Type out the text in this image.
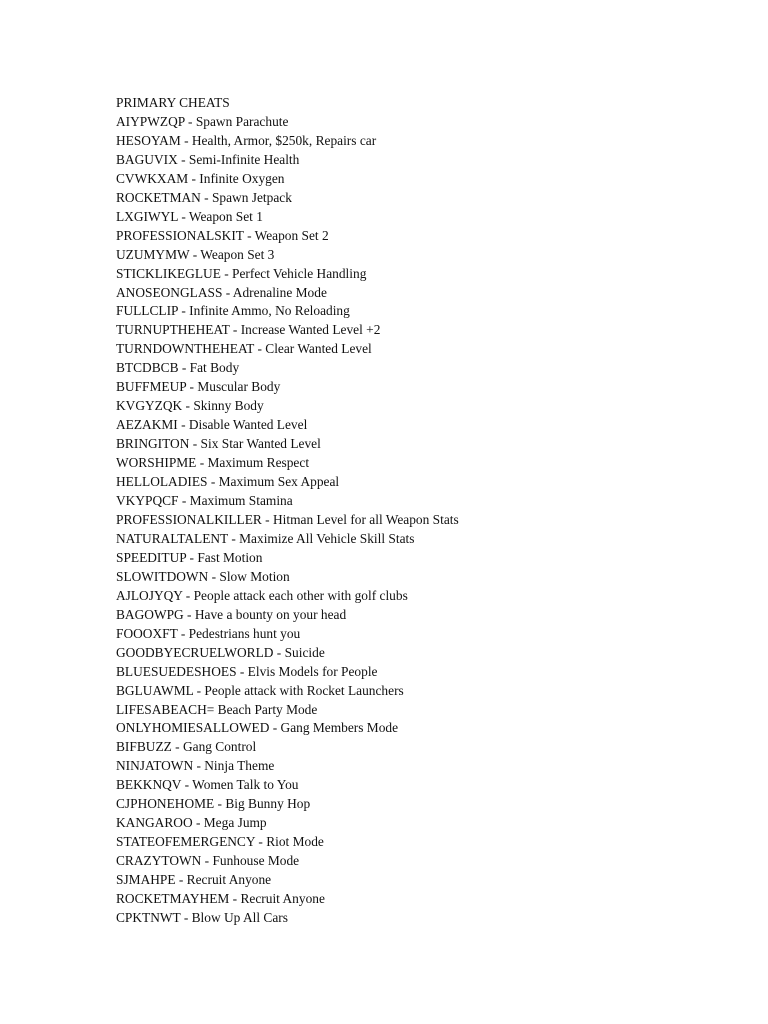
PRIMARY CHEATS
AIYPWZQP - Spawn Parachute
HESOYAM - Health, Armor, $250k, Repairs car
BAGUVIX - Semi-Infinite Health
CVWKXAM - Infinite Oxygen
ROCKETMAN - Spawn Jetpack
LXGIWYL - Weapon Set 1
PROFESSIONALSKIT - Weapon Set 2
UZUMYMW - Weapon Set 3
STICKLIKEGLUE - Perfect Vehicle Handling
ANOSEONGLASS - Adrenaline Mode
FULLCLIP - Infinite Ammo, No Reloading
TURNUPTHEHEAT - Increase Wanted Level +2
TURNDOWNTHEHEAT - Clear Wanted Level
BTCDBCB - Fat Body
BUFFMEUP - Muscular Body
KVGYZQK - Skinny Body
AEZAKMI - Disable Wanted Level
BRINGITON - Six Star Wanted Level
WORSHIPME - Maximum Respect
HELLOLADIES - Maximum Sex Appeal
VKYPQCF - Maximum Stamina
PROFESSIONALKILLER - Hitman Level for all Weapon Stats
NATURALTALENT - Maximize All Vehicle Skill Stats
SPEEDITUP - Fast Motion
SLOWITDOWN - Slow Motion
AJLOJYQY - People attack each other with golf clubs
BAGOWPG - Have a bounty on your head
FOOOXFT - Pedestrians hunt you
GOODBYECRUELWORLD - Suicide
BLUESUEDESHOES - Elvis Models for People
BGLUAWML - People attack with Rocket Launchers
LIFESABEACH= Beach Party Mode
ONLYHOMIESALLOWED - Gang Members Mode
BIFBUZZ - Gang Control
NINJATOWN - Ninja Theme
BEKKNQV - Women Talk to You
CJPHONEHOME - Big Bunny Hop
KANGAROO - Mega Jump
STATEOFEMERGENCY - Riot Mode
CRAZYTOWN - Funhouse Mode
SJMAHPE - Recruit Anyone
ROCKETMAYHEM - Recruit Anyone
CPKTNWT - Blow Up All Cars
